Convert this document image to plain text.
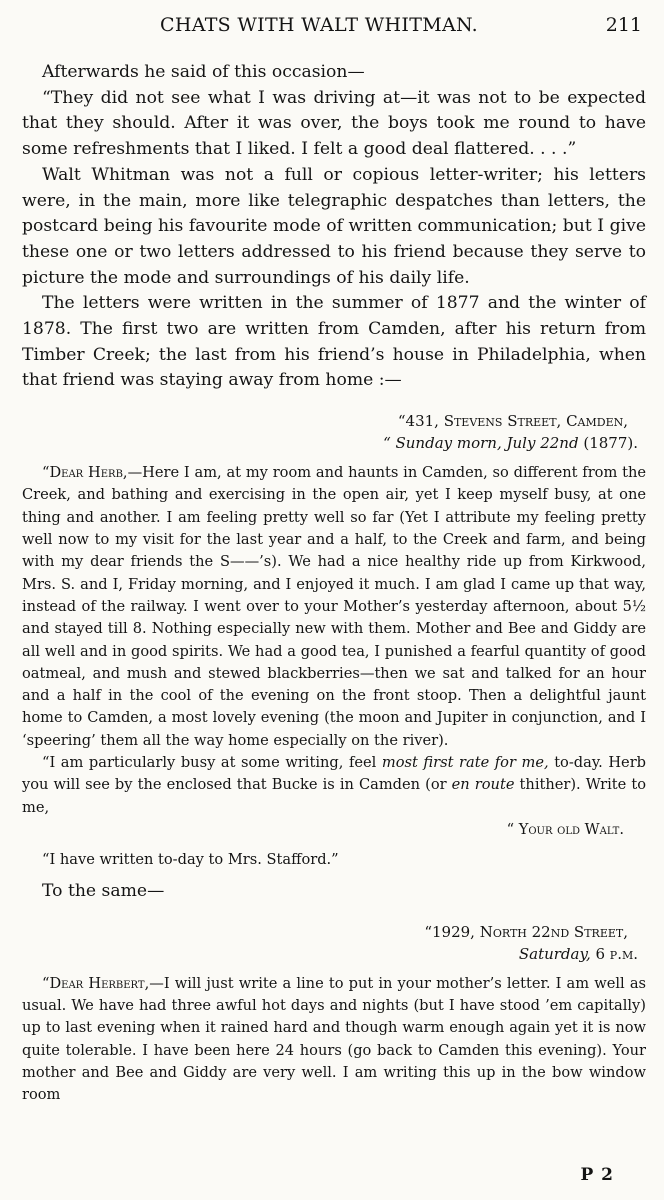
CHATS WITH WALT WHITMAN.	211

Afterwards he said of this occasion—

“They did not see what I was driving at—it was not to be expected that they should. After it was over, the boys took me round to have some refreshments that I liked. I felt a good deal flattered. . . .”

Walt Whitman was not a full or copious letter-writer; his letters were, in the main, more like telegraphic despatches than letters, the postcard being his favourite mode of written communication; but I give these one or two letters addressed to his friend because they serve to picture the mode and surroundings of his daily life.

The letters were written in the summer of 1877 and the winter of 1878. The first two are written from Camden, after his return from Timber Creek; the last from his friend’s house in Philadelphia, when that friend was staying away from home :—

“431, Stevens Street, Camden,
“ Sunday morn, July 22nd (1877).

“Dear Herb,—Here I am, at my room and haunts in Camden, so different from the Creek, and bathing and exercising in the open air, yet I keep myself busy, at one thing and another. I am feeling pretty well so far (Yet I attribute my feeling pretty well now to my visit for the last year and a half, to the Creek and farm, and being with my dear friends the S——’s). We had a nice healthy ride up from Kirkwood, Mrs. S. and I, Friday morning, and I enjoyed it much. I am glad I came up that way, instead of the railway. I went over to your Mother’s yesterday afternoon, about 5½ and stayed till 8. Nothing especially new with them. Mother and Bee and Giddy are all well and in good spirits. We had a good tea, I punished a fearful quantity of good oatmeal, and mush and stewed blackberries—then we sat and talked for an hour and a half in the cool of the evening on the front stoop. Then a delightful jaunt home to Camden, a most lovely evening (the moon and Jupiter in conjunction, and I ‘speering’ them all the way home especially on the river).

“I am particularly busy at some writing, feel most first rate for me, to-day. Herb you will see by the enclosed that Bucke is in Camden (or en route thither). Write to me,

“ Your old Walt.

“I have written to-day to Mrs. Stafford.”

To the same—

“1929, North 22nd Street,
Saturday, 6 p.m.

“Dear Herbert,—I will just write a line to put in your mother’s letter. I am well as usual. We have had three awful hot days and nights (but I have stood ’em capitally) up to last evening when it rained hard and though warm enough again yet it is now quite tolerable. I have been here 24 hours (go back to Camden this evening). Your mother and Bee and Giddy are very well. I am writing this up in the bow window room

P 2
